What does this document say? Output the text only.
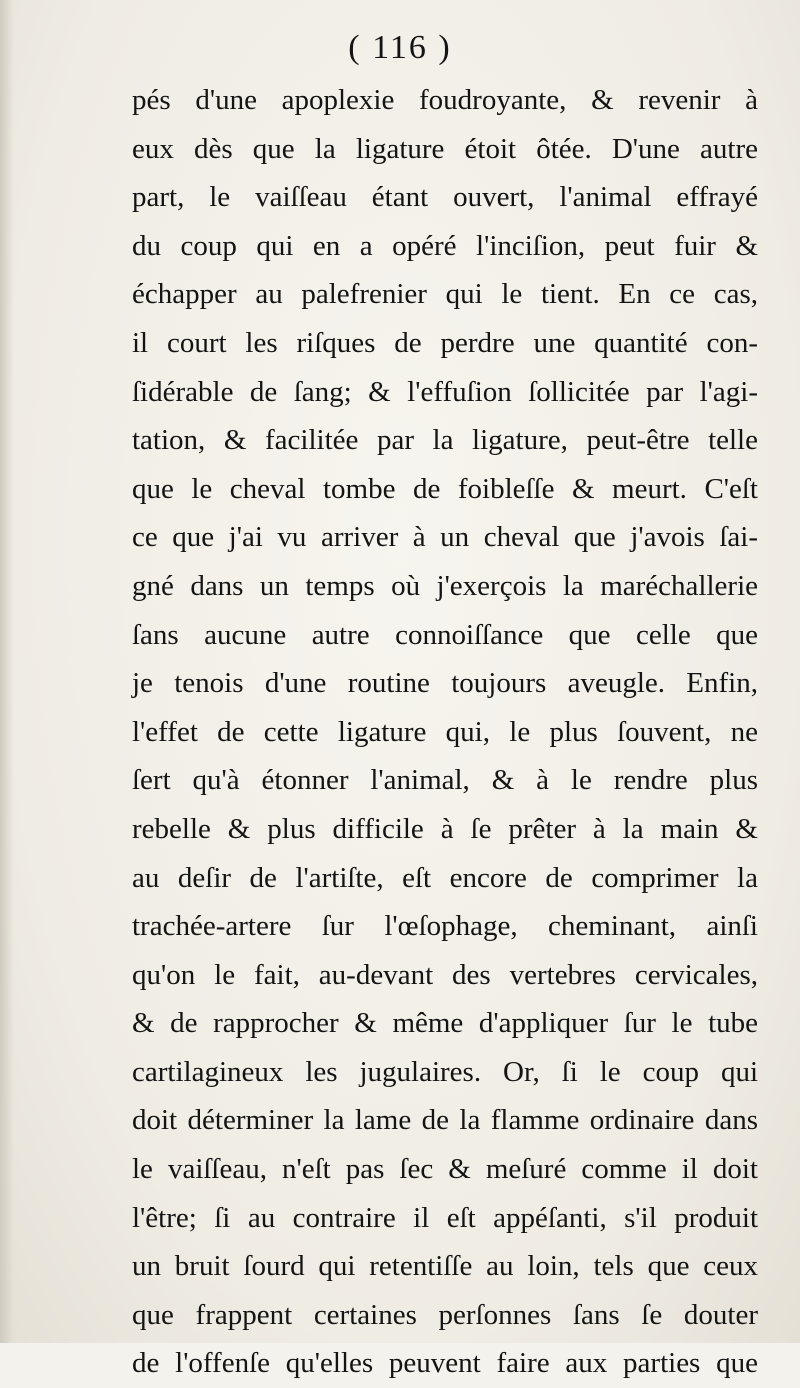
( 116 )
pés d'une apoplexie foudroyante, & revenir à
eux dès que la ligature étoit ôtée. D'une autre
part, le vaiſſeau étant ouvert, l'animal effrayé
du coup qui en a opéré l'inciſion, peut fuir &
échapper au palefrenier qui le tient. En ce cas,
il court les riſques de perdre une quantité con-
ſidérable de ſang; & l'effuſion ſollicitée par l'agi-
tation, & facilitée par la ligature, peut-être telle
que le cheval tombe de foibleſſe & meurt. C'eſt
ce que j'ai vu arriver à un cheval que j'avois ſai-
gné dans un temps où j'exerçois la maréchallerie
ſans aucune autre connoiſſance que celle que
je tenois d'une routine toujours aveugle. Enfin,
l'effet de cette ligature qui, le plus ſouvent, ne
ſert qu'à étonner l'animal, & à le rendre plus
rebelle & plus difficile à ſe prêter à la main &
au deſir de l'artiſte, eſt encore de comprimer la
trachée-artere ſur l'œſophage, cheminant, ainſi
qu'on le fait, au-devant des vertebres cervicales,
& de rapprocher & même d'appliquer ſur le tube
cartilagineux les jugulaires. Or, ſi le coup qui
doit déterminer la lame de la flamme ordinaire dans
le vaiſſeau, n'eſt pas ſec & meſuré comme il doit
l'être; ſi au contraire il eſt appéſanti, s'il produit
un bruit ſourd qui retentiſſe au loin, tels que ceux
que frappent certaines perſonnes ſans ſe douter
de l'offenſe qu'elles peuvent faire aux parties que
